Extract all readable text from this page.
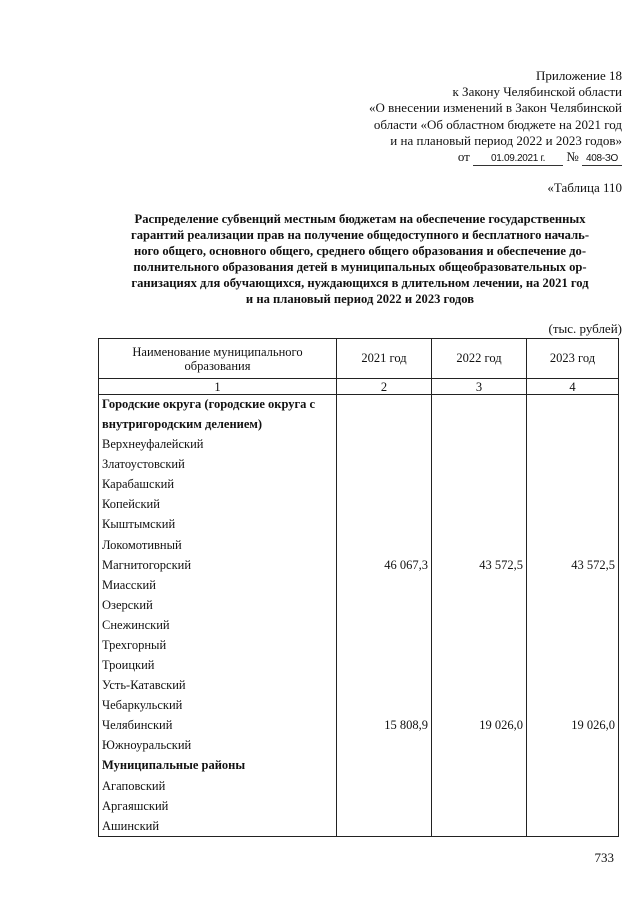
Приложение 18
к Закону Челябинской области
«О внесении изменений в Закон Челябинской
области «Об областном бюджете на 2021 год
и на плановый период 2022 и 2023 годов»
от 01.09.2021 г. № 408-ЗО
«Таблица 110
Распределение субвенций местным бюджетам на обеспечение государственных
гарантий реализации прав на получение общедоступного и бесплатного началь-
ного общего, основного общего, среднего общего образования и обеспечение до-
полнительного образования детей в муниципальных общеобразовательных ор-
ганизациях для обучающихся, нуждающихся в длительном лечении, на 2021 год
и на плановый период 2022 и 2023 годов
(тыс. рублей)
Наименование муниципального образования	2021 год	2022 год	2023 год
1	2	3	4
Городские округа (городские округа с внутригородским делением)			
Верхнеуфалейский			
Златоустовский			
Карабашский			
Копейский			
Кыштымский			
Локомотивный			
Магнитогорский	46 067,3	43 572,5	43 572,5
Миасский			
Озерский			
Снежинский			
Трехгорный			
Троицкий			
Усть-Катавский			
Чебаркульский			
Челябинский	15 808,9	19 026,0	19 026,0
Южноуральский			
Муниципальные районы			
Агаповский			
Аргаяшский			
Ашинский			
733
